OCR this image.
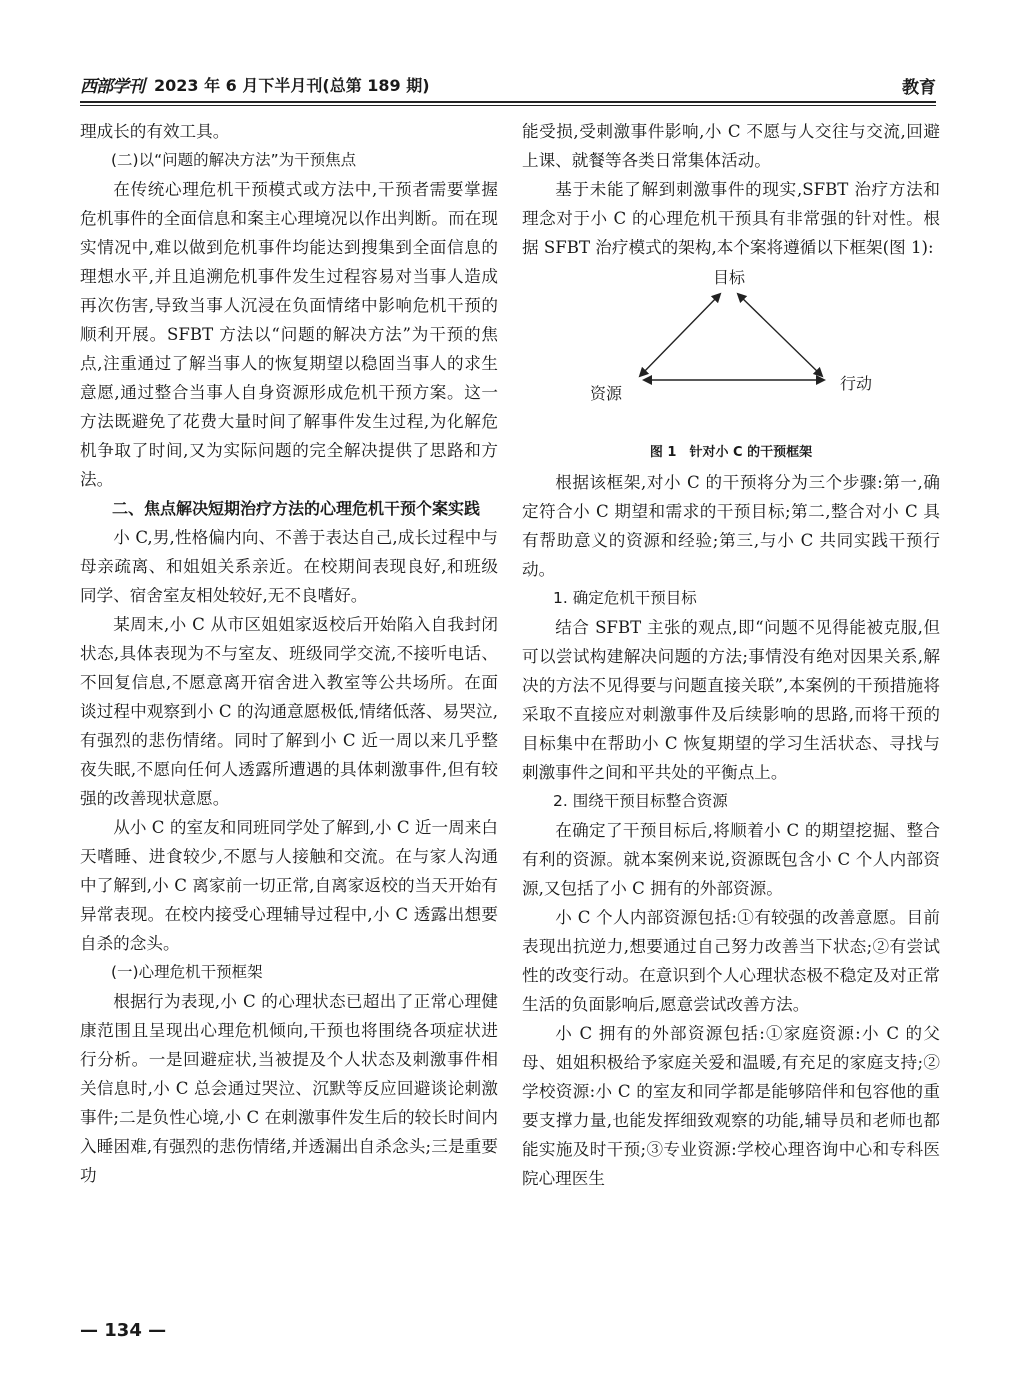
西部学刊 2023 年 6 月下半月刊(总第 189 期)	教育

理成长的有效工具。

(二)以“问题的解决方法”为干预焦点

在传统心理危机干预模式或方法中,干预者需要掌握危机事件的全面信息和案主心理境况以作出判断。而在现实情况中,难以做到危机事件均能达到搜集到全面信息的理想水平,并且追溯危机事件发生过程容易对当事人造成再次伤害,导致当事人沉浸在负面情绪中影响危机干预的顺利开展。SFBT 方法以“问题的解决方法”为干预的焦点,注重通过了解当事人的恢复期望以稳固当事人的求生意愿,通过整合当事人自身资源形成危机干预方案。这一方法既避免了花费大量时间了解事件发生过程,为化解危机争取了时间,又为实际问题的完全解决提供了思路和方法。

二、焦点解决短期治疗方法的心理危机干预个案实践

小 C,男,性格偏内向、不善于表达自己,成长过程中与母亲疏离、和姐姐关系亲近。在校期间表现良好,和班级同学、宿舍室友相处较好,无不良嗜好。

某周末,小 C 从市区姐姐家返校后开始陷入自我封闭状态,具体表现为不与室友、班级同学交流,不接听电话、不回复信息,不愿意离开宿舍进入教室等公共场所。在面谈过程中观察到小 C 的沟通意愿极低,情绪低落、易哭泣,有强烈的悲伤情绪。同时了解到小 C 近一周以来几乎整夜失眠,不愿向任何人透露所遭遇的具体刺激事件,但有较强的改善现状意愿。

从小 C 的室友和同班同学处了解到,小 C 近一周来白天嗜睡、进食较少,不愿与人接触和交流。在与家人沟通中了解到,小 C 离家前一切正常,自离家返校的当天开始有异常表现。在校内接受心理辅导过程中,小 C 透露出想要自杀的念头。

(一)心理危机干预框架

根据行为表现,小 C 的心理状态已超出了正常心理健康范围且呈现出心理危机倾向,干预也将围绕各项症状进行分析。一是回避症状,当被提及个人状态及刺激事件相关信息时,小 C 总会通过哭泣、沉默等反应回避谈论刺激事件;二是负性心境,小 C 在刺激事件发生后的较长时间内入睡困难,有强烈的悲伤情绪,并透漏出自杀念头;三是重要功

能受损,受刺激事件影响,小 C 不愿与人交往与交流,回避上课、就餐等各类日常集体活动。

基于未能了解到刺激事件的现实,SFBT 治疗方法和理念对于小 C 的心理危机干预具有非常强的针对性。根据 SFBT 治疗模式的架构,本个案将遵循以下框架(图 1):

目标
资源
行动

图 1　针对小 C 的干预框架

根据该框架,对小 C 的干预将分为三个步骤:第一,确定符合小 C 期望和需求的干预目标;第二,整合对小 C 具有帮助意义的资源和经验;第三,与小 C 共同实践干预行动。

1. 确定危机干预目标

结合 SFBT 主张的观点,即“问题不见得能被克服,但可以尝试构建解决问题的方法;事情没有绝对因果关系,解决的方法不见得要与问题直接关联”,本案例的干预措施将采取不直接应对刺激事件及后续影响的思路,而将干预的目标集中在帮助小 C 恢复期望的学习生活状态、寻找与刺激事件之间和平共处的平衡点上。

2. 围绕干预目标整合资源

在确定了干预目标后,将顺着小 C 的期望挖掘、整合有利的资源。就本案例来说,资源既包含小 C 个人内部资源,又包括了小 C 拥有的外部资源。

小 C 个人内部资源包括:①有较强的改善意愿。目前表现出抗逆力,想要通过自己努力改善当下状态;②有尝试性的改变行动。在意识到个人心理状态极不稳定及对正常生活的负面影响后,愿意尝试改善方法。

小 C 拥有的外部资源包括:①家庭资源:小 C 的父母、姐姐积极给予家庭关爱和温暖,有充足的家庭支持;②学校资源:小 C 的室友和同学都是能够陪伴和包容他的重要支撑力量,也能发挥细致观察的功能,辅导员和老师也都能实施及时干预;③专业资源:学校心理咨询中心和专科医院心理医生

— 134 —
